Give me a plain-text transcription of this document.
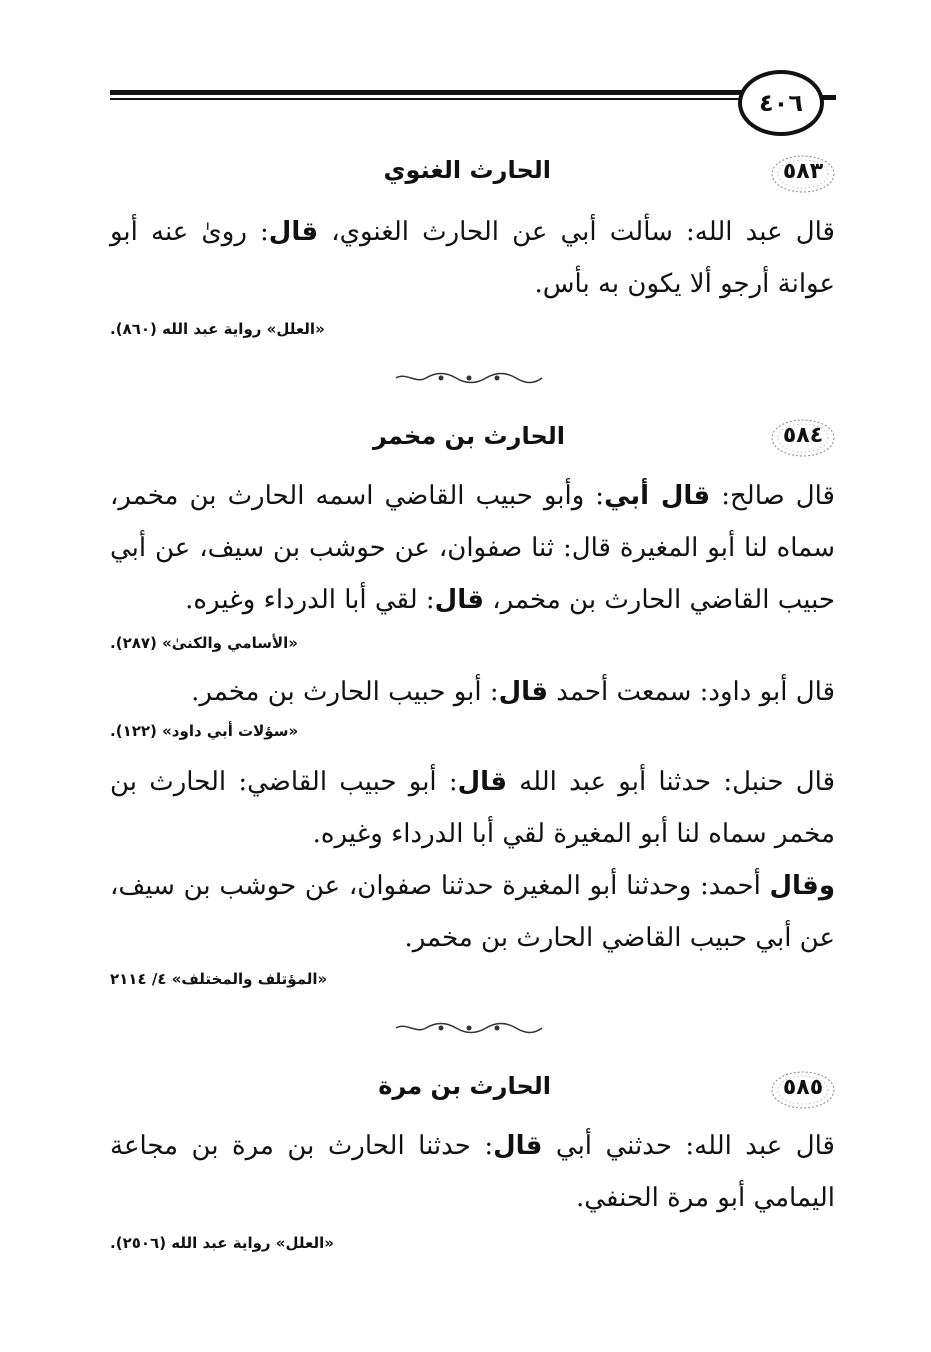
٤٠٦
٥٨٣
الحارث الغنوي
قال عبد الله: سألت أبي عن الحارث الغنوي، قال: روىٰ عنه أبو عوانة أرجو ألا يكون به بأس.
«العلل» رواية عبد الله (٨٦٠).
٥٨٤
الحارث بن مخمر
قال صالح: قال أبي: وأبو حبيب القاضي اسمه الحارث بن مخمر، سماه لنا أبو المغيرة قال: ثنا صفوان، عن حوشب بن سيف، عن أبي حبيب القاضي الحارث بن مخمر، قال: لقي أبا الدرداء وغيره.
«الأسامي والكنىٰ» (٢٨٧).
قال أبو داود: سمعت أحمد قال: أبو حبيب الحارث بن مخمر.
«سؤلات أبي داود» (١٢٢).
قال حنبل: حدثنا أبو عبد الله قال: أبو حبيب القاضي: الحارث بن مخمر سماه لنا أبو المغيرة لقي أبا الدرداء وغيره.
وقال أحمد: وحدثنا أبو المغيرة حدثنا صفوان، عن حوشب بن سيف، عن أبي حبيب القاضي الحارث بن مخمر.
«المؤتلف والمختلف» ٤/ ٢١١٤
٥٨٥
الحارث بن مرة
قال عبد الله: حدثني أبي قال: حدثنا الحارث بن مرة بن مجاعة اليمامي أبو مرة الحنفي.
«العلل» رواية عبد الله (٢٥٠٦).
